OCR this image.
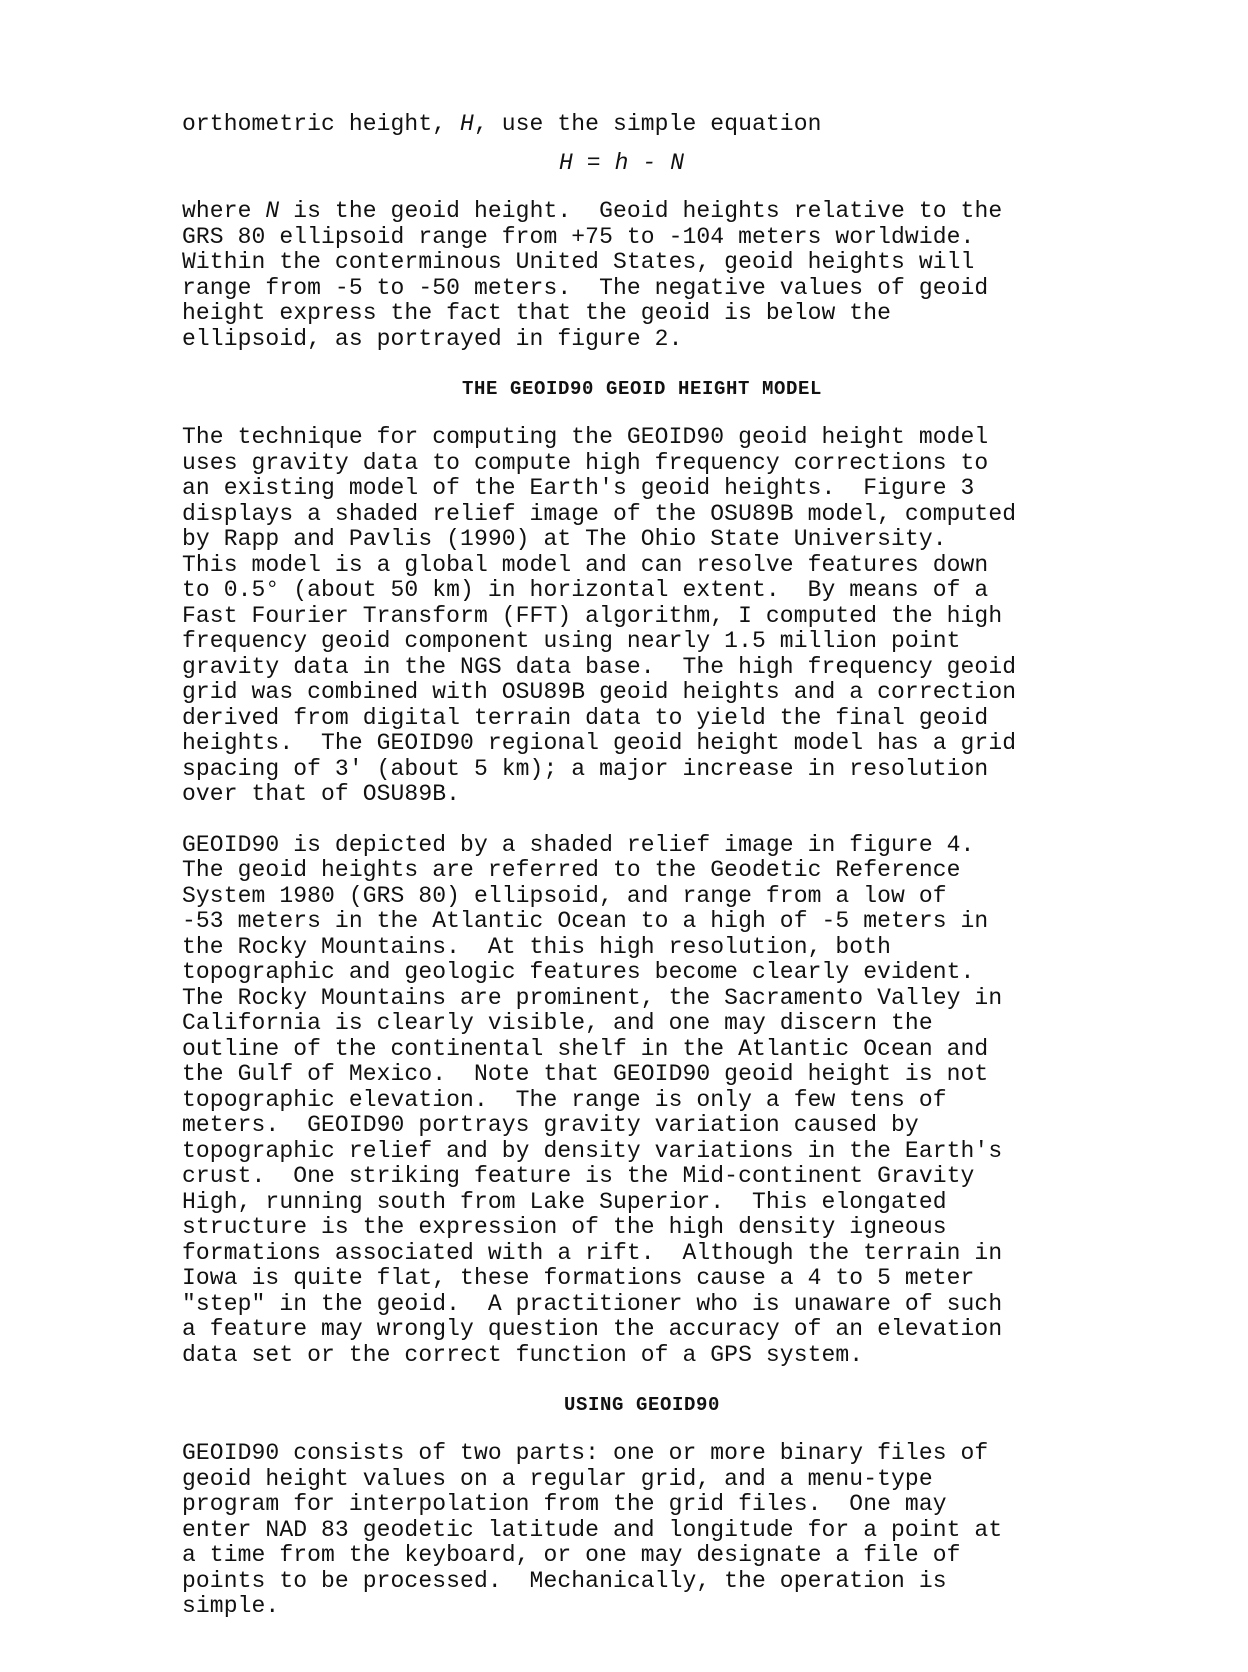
orthometric height, H, use the simple equation
H = h - N
where N is the geoid height.  Geoid heights relative to the
GRS 80 ellipsoid range from +75 to -104 meters worldwide.
Within the conterminous United States, geoid heights will
range from -5 to -50 meters.  The negative values of geoid
height express the fact that the geoid is below the
ellipsoid, as portrayed in figure 2.
THE GEOID90 GEOID HEIGHT MODEL
The technique for computing the GEOID90 geoid height model
uses gravity data to compute high frequency corrections to
an existing model of the Earth's geoid heights.  Figure 3
displays a shaded relief image of the OSU89B model, computed
by Rapp and Pavlis (1990) at The Ohio State University.
This model is a global model and can resolve features down
to 0.5° (about 50 km) in horizontal extent.  By means of a
Fast Fourier Transform (FFT) algorithm, I computed the high
frequency geoid component using nearly 1.5 million point
gravity data in the NGS data base.  The high frequency geoid
grid was combined with OSU89B geoid heights and a correction
derived from digital terrain data to yield the final geoid
heights.  The GEOID90 regional geoid height model has a grid
spacing of 3′ (about 5 km); a major increase in resolution
over that of OSU89B.
GEOID90 is depicted by a shaded relief image in figure 4.
The geoid heights are referred to the Geodetic Reference
System 1980 (GRS 80) ellipsoid, and range from a low of
-53 meters in the Atlantic Ocean to a high of -5 meters in
the Rocky Mountains.  At this high resolution, both
topographic and geologic features become clearly evident.
The Rocky Mountains are prominent, the Sacramento Valley in
California is clearly visible, and one may discern the
outline of the continental shelf in the Atlantic Ocean and
the Gulf of Mexico.  Note that GEOID90 geoid height is not
topographic elevation.  The range is only a few tens of
meters.  GEOID90 portrays gravity variation caused by
topographic relief and by density variations in the Earth's
crust.  One striking feature is the Mid-continent Gravity
High, running south from Lake Superior.  This elongated
structure is the expression of the high density igneous
formations associated with a rift.  Although the terrain in
Iowa is quite flat, these formations cause a 4 to 5 meter
"step" in the geoid.  A practitioner who is unaware of such
a feature may wrongly question the accuracy of an elevation
data set or the correct function of a GPS system.
USING GEOID90
GEOID90 consists of two parts: one or more binary files of
geoid height values on a regular grid, and a menu-type
program for interpolation from the grid files.  One may
enter NAD 83 geodetic latitude and longitude for a point at
a time from the keyboard, or one may designate a file of
points to be processed.  Mechanically, the operation is
simple.
